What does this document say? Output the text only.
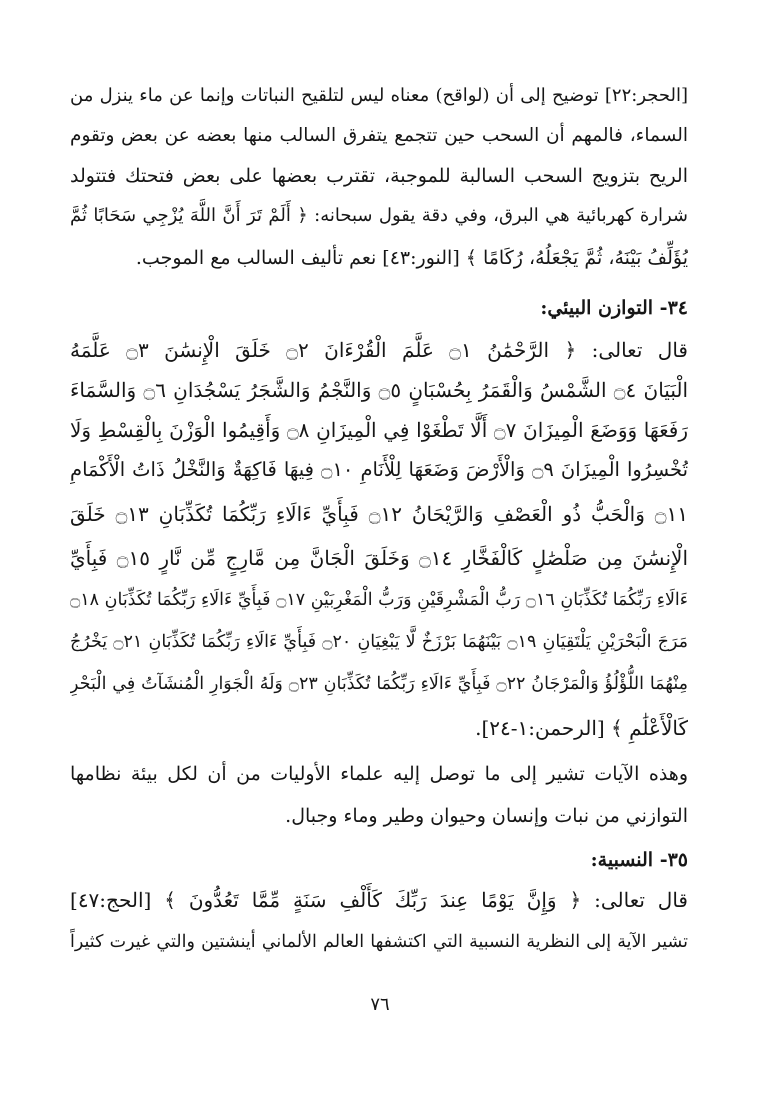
[الحجر:٢٢] توضيح إلى أن (لواقح) معناه ليس لتلقيح النباتات وإنما عن ماء ينزل من
السماء، فالمهم أن السحب حين تتجمع يتفرق السالب منها بعضه عن بعض وتقوم
الريح بتزويج السحب السالبة للموجبة، تقترب بعضها على بعض فتحتك فتتولد
شرارة كهربائية هي البرق، وفي دقة يقول سبحانه: ﴿ أَلَمْ تَرَ أَنَّ اللَّهَ يُزْجِي سَحَابًا ثُمَّ
يُؤَلِّفُ بَيْنَهُ، ثُمَّ يَجْعَلُهُ، رُكَامًا ﴾ [النور:٤٣] نعم تأليف السالب مع الموجب.
٣٤- التوازن البيئي:
قال تعالى: ﴿ الرَّحْمَٰنُ ۝١ عَلَّمَ الْقُرْءَانَ ۝٢ خَلَقَ الْإِنسَٰنَ ۝٣ عَلَّمَهُ
الْبَيَانَ ۝٤ الشَّمْسُ وَالْقَمَرُ بِحُسْبَانٍ ۝٥ وَالنَّجْمُ وَالشَّجَرُ يَسْجُدَانِ ۝٦ وَالسَّمَاءَ
رَفَعَهَا وَوَضَعَ الْمِيزَانَ ۝٧ أَلَّا تَطْغَوْا فِي الْمِيزَانِ ۝٨ وَأَقِيمُوا الْوَزْنَ بِالْقِسْطِ وَلَا
تُخْسِرُوا الْمِيزَانَ ۝٩ وَالْأَرْضَ وَضَعَهَا لِلْأَنَامِ ۝١٠ فِيهَا فَاكِهَةٌ وَالنَّخْلُ ذَاتُ الْأَكْمَامِ
۝١١ وَالْحَبُّ ذُو الْعَصْفِ وَالرَّيْحَانُ ۝١٢ فَبِأَيِّ ءَالَاءِ رَبِّكُمَا تُكَذِّبَانِ ۝١٣ خَلَقَ
الْإِنسَٰنَ مِن صَلْصَٰلٍ كَالْفَخَّارِ ۝١٤ وَخَلَقَ الْجَانَّ مِن مَّارِجٍ مِّن نَّارٍ ۝١٥ فَبِأَيِّ
ءَالَاءِ رَبِّكُمَا تُكَذِّبَانِ ۝١٦ رَبُّ الْمَشْرِقَيْنِ وَرَبُّ الْمَغْرِبَيْنِ ۝١٧ فَبِأَيِّ ءَالَاءِ رَبِّكُمَا تُكَذِّبَانِ ۝١٨
مَرَجَ الْبَحْرَيْنِ يَلْتَقِيَانِ ۝١٩ بَيْنَهُمَا بَرْزَخٌ لَّا يَبْغِيَانِ ۝٢٠ فَبِأَيِّ ءَالَاءِ رَبِّكُمَا تُكَذِّبَانِ ۝٢١ يَخْرُجُ
مِنْهُمَا اللُّؤْلُؤُ وَالْمَرْجَانُ ۝٢٢ فَبِأَيِّ ءَالَاءِ رَبِّكُمَا تُكَذِّبَانِ ۝٢٣ وَلَهُ الْجَوَارِ الْمُنشَآتُ فِي الْبَحْرِ
كَالْأَعْلَٰمِ ﴾ [الرحمن:١-٢٤].
وهذه الآيات تشير إلى ما توصل إليه علماء الأوليات من أن لكل بيئة نظامها
التوازني من نبات وإنسان وحيوان وطير وماء وجبال.
٣٥- النسبية:
قال تعالى: ﴿ وَإِنَّ يَوْمًا عِندَ رَبِّكَ كَأَلْفِ سَنَةٍ مِّمَّا تَعُدُّونَ ﴾ [الحج:٤٧]
تشير الآية إلى النظرية النسبية التي اكتشفها العالم الألماني أينشتين والتي غيرت كثيراً
٧٦
